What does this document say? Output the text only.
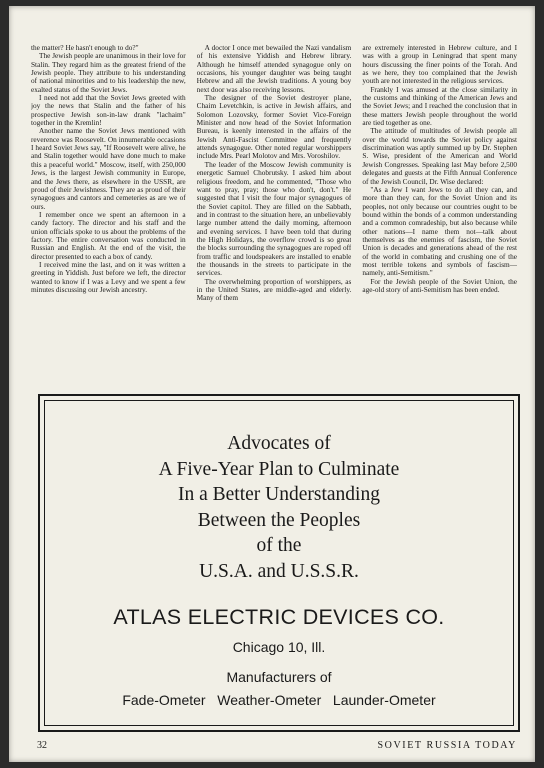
the matter? He hasn't enough to do?"

The Jewish people are unanimous in their love for Stalin. They regard him as the greatest friend of the Jewish people. They attribute to his understanding of national minorities and to his leadership the new, exalted status of the Soviet Jews.

I need not add that the Soviet Jews greeted with joy the news that Stalin and the father of his prospective Jewish son-in-law drank "lachaim" together in the Kremlin!

Another name the Soviet Jews mentioned with reverence was Roosevelt. On innumerable occasions I heard Soviet Jews say, "If Roosevelt were alive, he and Stalin together would have done much to make this a peaceful world." Moscow, itself, with 250,000 Jews, is the largest Jewish community in Europe, and the Jews there, as elsewhere in the USSR, are proud of their Jewishness. They are as proud of their synagogues and cantors and cemeteries as are we of ours.

I remember once we spent an afternoon in a candy factory. The director and his staff and the union officials spoke to us about the problems of the factory. The entire conversation was conducted in Russian and English. At the end of the visit, the director presented to each a box of candy.

I received mine the last, and on it was written a greeting in Yiddish. Just before we left, the director wanted to know if I was a Levy and we spent a few minutes discussing our Jewish ancestry.

A doctor I once met bewailed the Nazi vandalism of his extensive Yiddish and Hebrew library. Although he himself attended synagogue only on occasions, his younger daughter was being taught Hebrew and all the Jewish traditions. A young boy next door was also receiving lessons.

The designer of the Soviet destroyer plane, Chaim Levetchkin, is active in Jewish affairs, and Solomon Lozovsky, former Soviet Vice-Foreign Minister and now head of the Soviet Information Bureau, is keenly interested in the affairs of the Jewish Anti-Fascist Committee and frequently attends synagogue. Other noted regular worshippers include Mrs. Pearl Molotov and Mrs. Voroshilov.

The leader of the Moscow Jewish community is energetic Samuel Chobrutsky. I asked him about religious freedom, and he commented, "Those who want to pray, pray; those who don't, don't." He suggested that I visit the four major synagogues of the Soviet capitol. They are filled on the Sabbath, and in contrast to the situation here, an unbelievably large number attend the daily morning, afternoon and evening services. I have been told that during the High Holidays, the overflow crowd is so great the blocks surrounding the synagogues are roped off from traffic and loudspeakers are installed to enable the thousands in the streets to participate in the services.

The overwhelming proportion of worshippers, as in the United States, are middle-aged and elderly. Many of them

are extremely interested in Hebrew culture, and I was with a group in Leningrad that spent many hours discussing the finer points of the Torah. And as we here, they too complained that the Jewish youth are not interested in the religious services.

Frankly I was amused at the close similarity in the customs and thinking of the American Jews and the Soviet Jews; and I reached the conclusion that in these matters Jewish people throughout the world are tied together as one.

The attitude of multitudes of Jewish people all over the world towards the Soviet policy against discrimination was aptly summed up by Dr. Stephen S. Wise, president of the American and World Jewish Congresses. Speaking last May before 2,500 delegates and guests at the Fifth Annual Conference of the Jewish Council, Dr. Wise declared:

"As a Jew I want Jews to do all they can, and more than they can, for the Soviet Union and its peoples, not only because our countries ought to be bound within the bonds of a common understanding and a common comradeship, but also because while other nations—I name them not—talk about themselves as the enemies of fascism, the Soviet Union is decades and generations ahead of the rest of the world in combating and crushing one of the most terrible tokens and symbols of fascism—namely, anti-Semitism."

For the Jewish people of the Soviet Union, the age-old story of anti-Semitism has been ended.

Advocates of
A Five-Year Plan to Culminate
In a Better Understanding
Between the Peoples
of the
U.S.A. and U.S.S.R.
ATLAS ELECTRIC DEVICES CO.
Chicago 10, Ill.
Manufacturers of
Fade-Ometer   Weather-Ometer   Launder-Ometer
32	SOVIET RUSSIA TODAY
